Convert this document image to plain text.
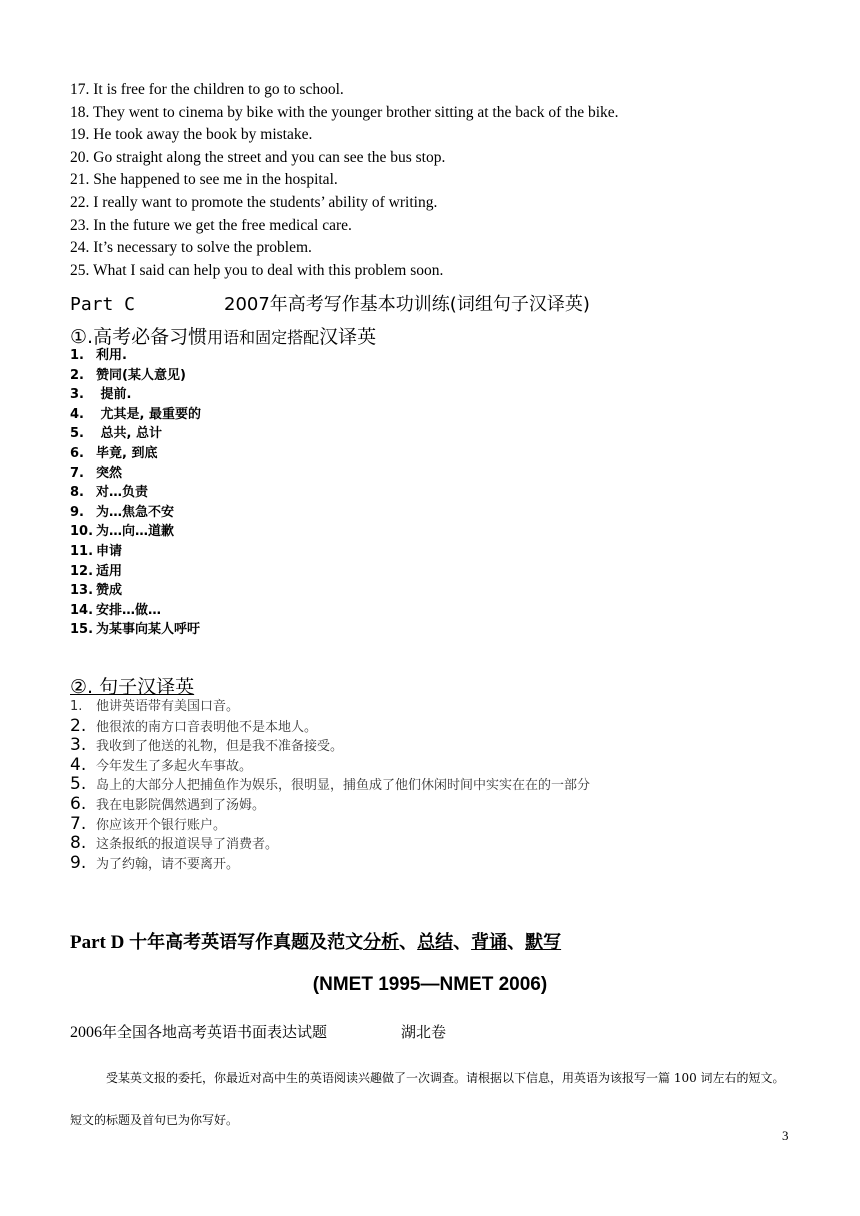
17. It is free for the children to go to school.
18. They went to cinema by bike with the younger brother sitting at the back of the bike.
19. He took away the book by mistake.
20. Go straight along the street and you can see the bus stop.
21. She happened to see me in the hospital.
22. I really want to promote the students’ ability of writing.
23. In the future we get the free medical care.
24. It’s necessary to solve the problem.
25. What I said can help you to deal with this problem soon.
Part C	2007年高考写作基本功训练(词组句子汉译英)
①.高考必备习惯用语和固定搭配汉译英
1. 利用.
2. 赞同(某人意见)
3. 提前.
4. 尤其是, 最重要的
5. 总共, 总计
6. 毕竟, 到底
7. 突然
8. 对…负责
9. 为…焦急不安
10. 为…向…道歉
11. 申请
12. 适用
13. 赞成
14. 安排…做…
15. 为某事向某人呼吁
②. 句子汉译英
1. 他讲英语带有美国口音。
2. 他很浓的南方口音表明他不是本地人。
3. 我收到了他送的礼物，但是我不准备接受。
4. 今年发生了多起火车事故。
5. 岛上的大部分人把捕鱼作为娱乐，很明显，捕鱼成了他们休闲时间中实实在在的一部分
6. 我在电影院偶然遇到了汤姆。
7. 你应该开个银行账户。
8. 这条报纸的报道误导了消费者。
9. 为了约翰，请不要离开。
Part D 十年高考英语写作真题及范文分析、总结、背诵、默写
(NMET 1995—NMET 2006)
2006年全国各地高考英语书面表达试题	湖北卷

受某英文报的委托，你最近对高中生的英语阅读兴趣做了一次调查。请根据以下信息，用英语为该报写一篇 100 词左右的短文。短文的标题及首句已为你写好。

3
